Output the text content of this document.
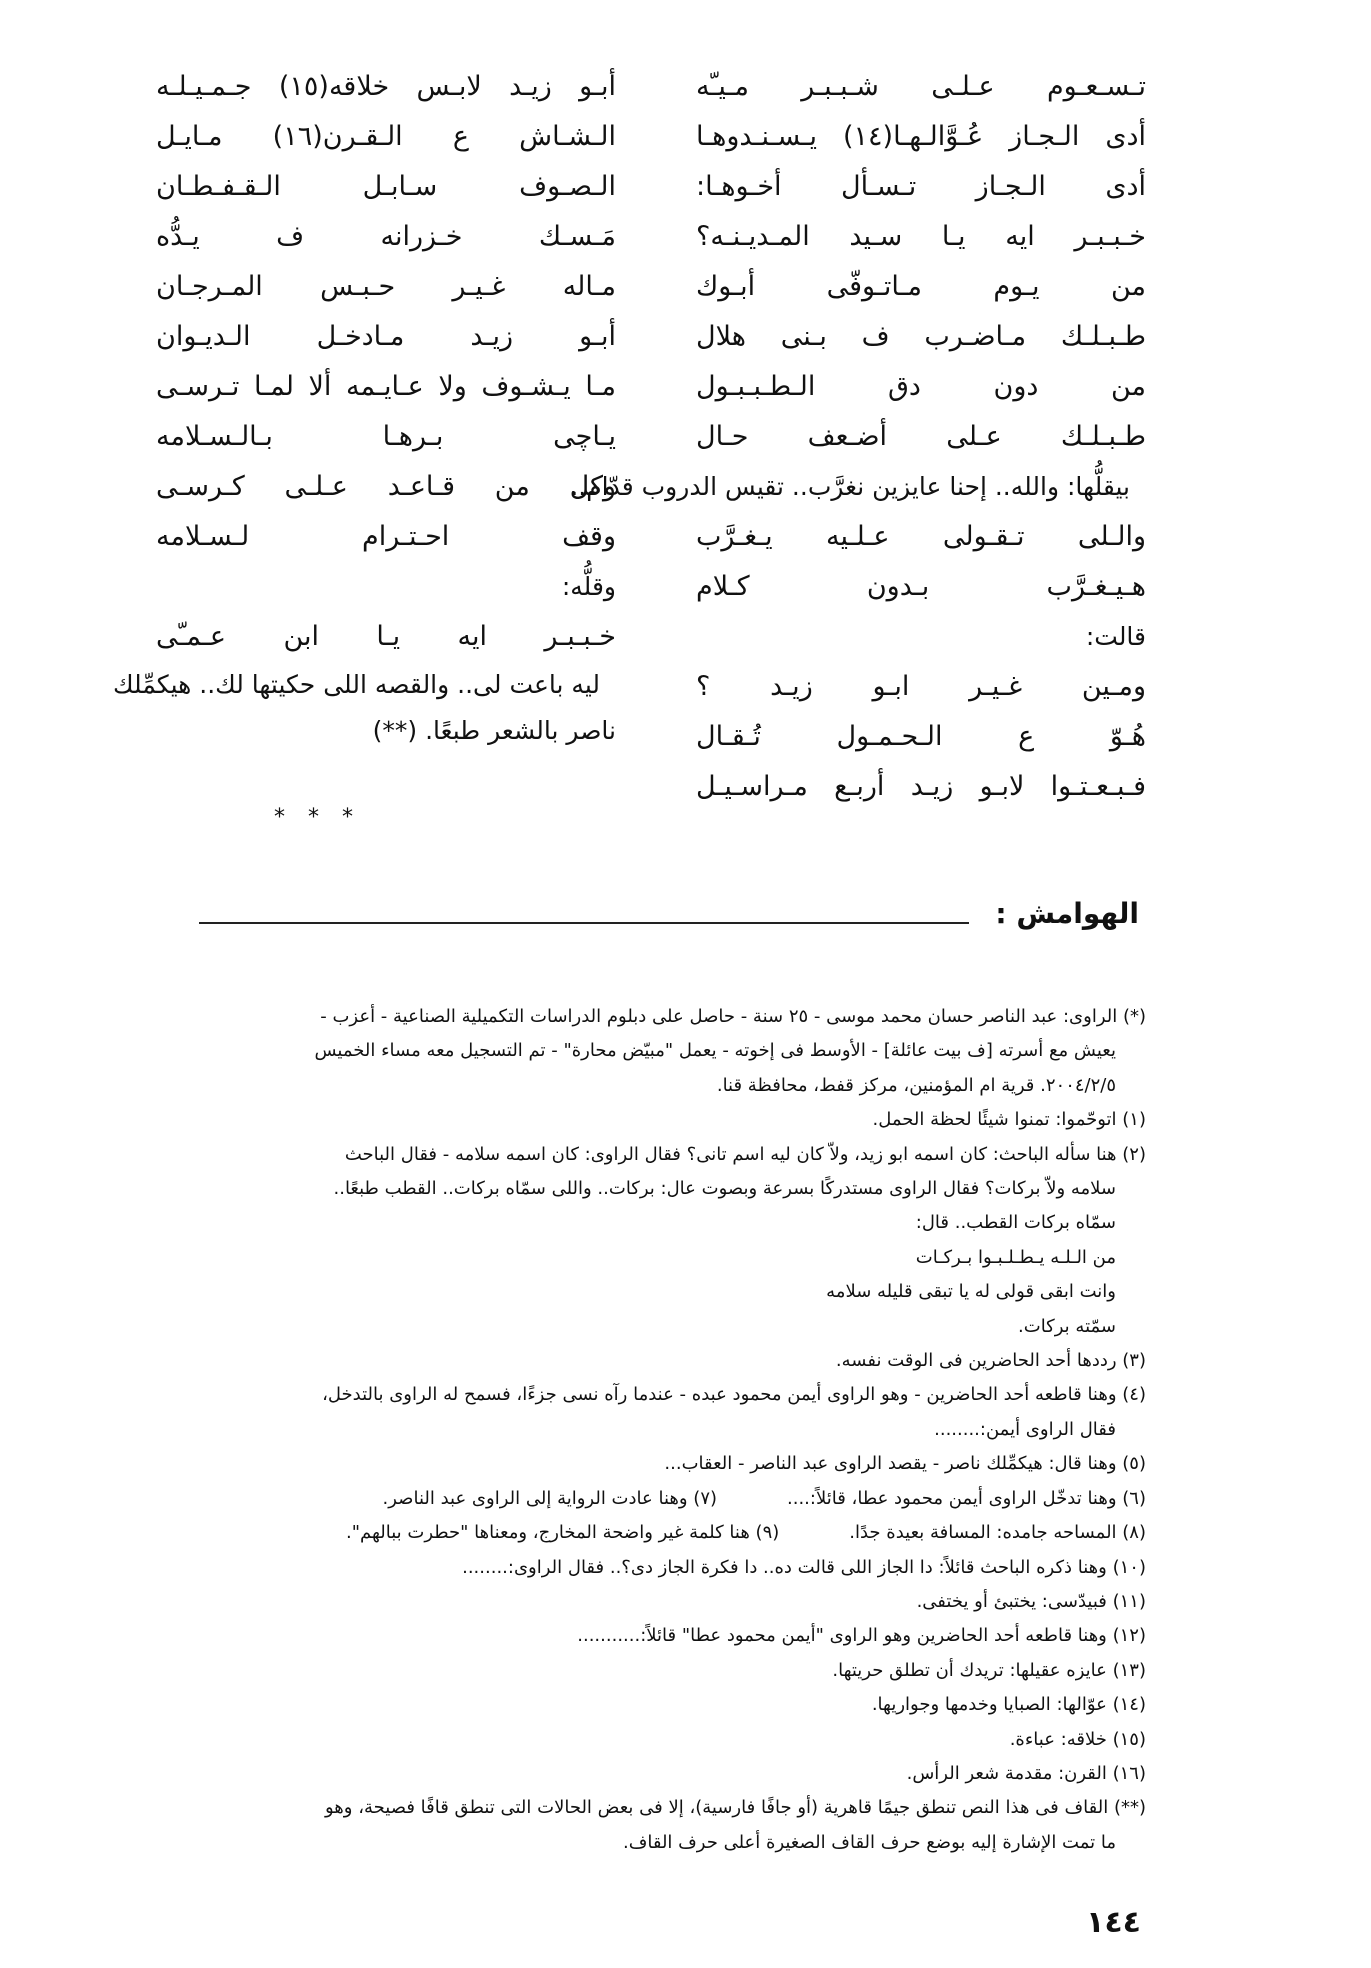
تـسـعـوم عـلـى شـبـبـر مـيـّه
أدى الـجـاز عُـوَّالـهـا(١٤) يـسـنـدوهـا
أدى الـجـاز تـسـأل أخـوهـا:
خـبـبـر ايه يـا سـيد المـديـنـه؟
من يـوم مـاتـوفّى أبـوك
طـبـلـك مـاضـرب ف بـنى هلال
من دون دق الـطـبـبـول
طـبـلـك عـلى أضـعف حـال
بيقلُّها: والله.. إحنا عايزين نغرَّب.. تقيس الدروب قدّام..
والـلى تـقـولى عـلـيه يـغـرَّب
هـيـغـرَّب بـدون كـلام
قالت:
ومـين غـيـر ابـو زيـد ؟
هُـوّ ع الـحـمـول تُـقـال
فـبـعـتـوا لابـو زيـد أربـع مـراسـيـل
أبـو زيـد لابـس خلاقه(١٥) جـمـيـلـه
الـشـاش ع الـقـرن(١٦) مـايـل
الـصـوف سـابـل الـقـفـطـان
مَـسـك خـزرانه ف يـدُّه
مـاله غـيـر حـبـس المـرجـان
أبـو زيـد مـادخـل الـديـوان
مـا يـشـوف ولا عـايـمه ألا لمـا تـرسـى
يـاچى بـرهـا بـالـسـلامه
وكل من قـاعـد عـلـى كـرسـى
وقف احـتـرام لـسـلامه
وقلُّه:
خـبـبـر ايه يـا ابن عـمـّى
ليه باعت لى.. والقصه اللى حكيتها لك.. هيكمِّلك
ناصر بالشعر طبعًا. (**)
* * *
الهوامش :
(*) الراوى: عبد الناصر حسان محمد موسى - ٢٥ سنة - حاصل على دبلوم الدراسات التكميلية الصناعية - أعزب -
يعيش مع أسرته [ف بيت عائلة] - الأوسط فى إخوته - يعمل "مبيّض محارة" - تم التسجيل معه مساء الخميس
٢٠٠٤/٢/٥. قرية ام المؤمنين، مركز قفط، محافظة قنا.
(١) اتوحّموا: تمنوا شيئًا لحظة الحمل.
(٢) هنا سأله الباحث: كان اسمه ابو زيد، ولاّ كان ليه اسم تانى؟ فقال الراوى: كان اسمه سلامه - فقال الباحث
سلامه ولاّ بركات؟ فقال الراوى مستدركًا بسرعة وبصوت عال: بركات.. واللى سمّاه بركات.. القطب طبعًا..
سمّاه بركات القطب.. قال:
من الـلـه يـطـلـبـوا بـركـات
وانت ابقى قولى له يا تبقى قليله سلامه
سمّته بركات.
(٣) رددها أحد الحاضرين فى الوقت نفسه.
(٤) وهنا قاطعه أحد الحاضرين - وهو الراوى أيمن محمود عبده - عندما رآه نسى جزءًا، فسمح له الراوى بالتدخل،
فقال الراوى أيمن:........
(٥) وهنا قال: هيكمِّلك ناصر - يقصد الراوى عبد الناصر - العقاب...
(٦) وهنا تدخّل الراوى أيمن محمود عطا، قائلاً:....
(٧) وهنا عادت الرواية إلى الراوى عبد الناصر.
(٨) المساحه جامده: المسافة بعيدة جدًا.
(٩) هنا كلمة غير واضحة المخارج، ومعناها "حطرت ببالهم".
(١٠) وهنا ذكره الباحث قائلاً: دا الجاز اللى قالت ده.. دا فكرة الجاز دى؟.. فقال الراوى:........
(١١) فبيدّسى: يختبئ أو يختفى.
(١٢) وهنا قاطعه أحد الحاضرين وهو الراوى "أيمن محمود عطا" قائلاً:...........
(١٣) عايزه عقيلها: تريدك أن تطلق حريتها.
(١٤) عوّالها: الصبايا وخدمها وجواريها.
(١٥) خلاقه: عباءة.
(١٦) القرن: مقدمة شعر الرأس.
(**) القاف فى هذا النص تنطق جيمًا قاهرية (أو جافًا فارسية)، إلا فى بعض الحالات التى تنطق قافًا فصيحة، وهو
ما تمت الإشارة إليه بوضع حرف القاف الصغيرة أعلى حرف القاف.
١٤٤
